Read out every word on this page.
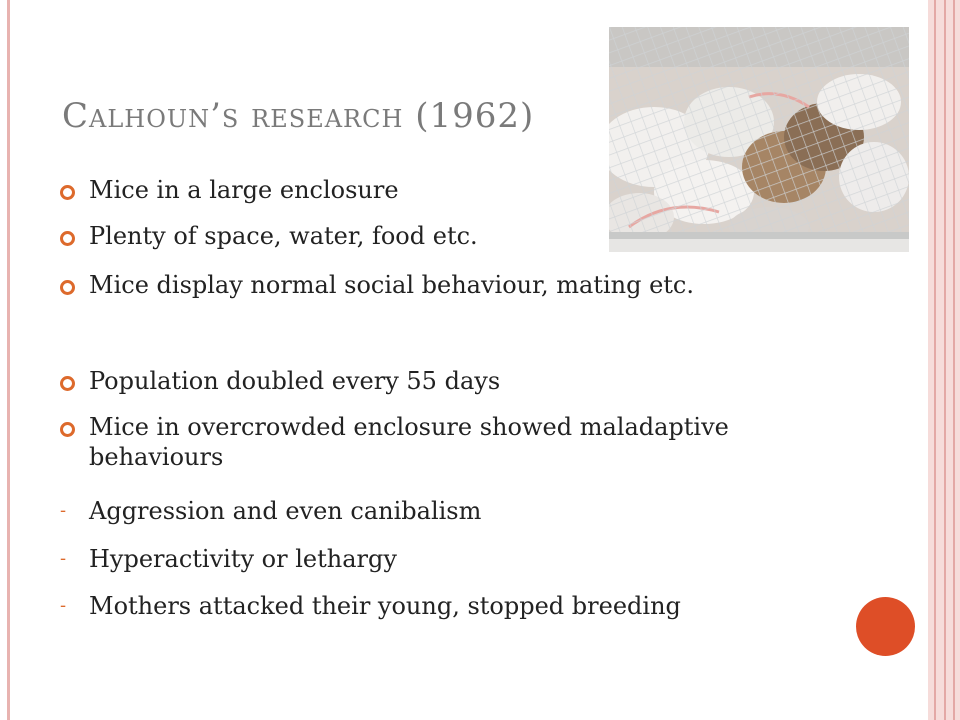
Calhoun’s research (1962)
Mice in a large enclosure
Plenty of space, water, food etc.
Mice display normal social behaviour, mating etc.
Population doubled every 55 days
Mice in overcrowded enclosure showed maladaptive behaviours
- Aggression and even canibalism
- Hyperactivity or lethargy
- Mothers attacked their young, stopped breeding
